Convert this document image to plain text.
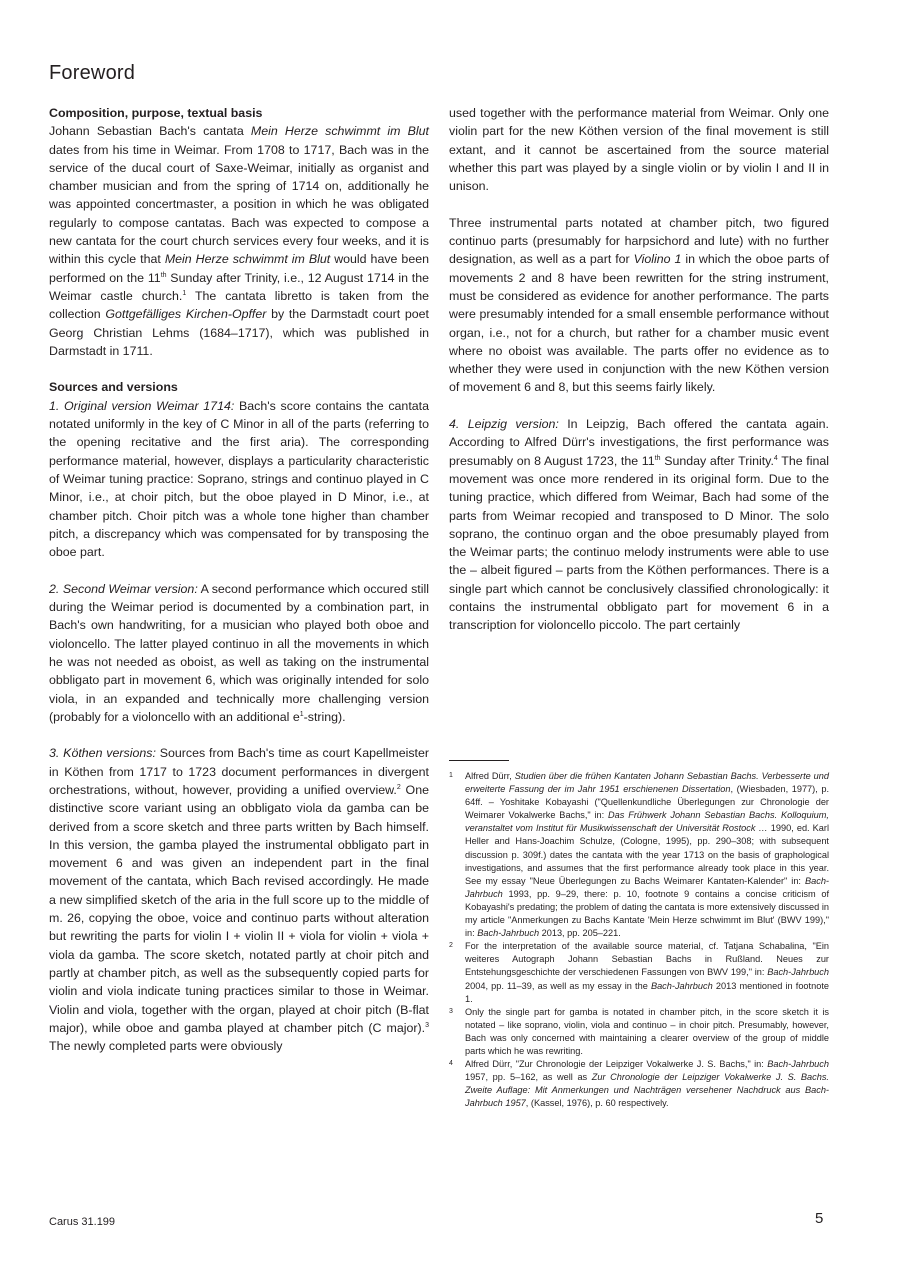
Foreword
Composition, purpose, textual basis

Johann Sebastian Bach's cantata Mein Herze schwimmt im Blut dates from his time in Weimar. From 1708 to 1717, Bach was in the service of the ducal court of Saxe-Weimar, initially as organist and chamber musician and from the spring of 1714 on, additionally he was appointed concertmaster, a position in which he was obligated regularly to compose cantatas. Bach was expected to compose a new cantata for the court church services every four weeks, and it is within this cycle that Mein Herze schwimmt im Blut would have been performed on the 11th Sunday after Trinity, i.e., 12 August 1714 in the Weimar castle church.$^1$ The cantata libretto is taken from the collection Gottgefälliges Kirchen-Opffer by the Darmstadt court poet Georg Christian Lehms (1684–1717), which was published in Darmstadt in 1711.

Sources and versions

1. Original version Weimar 1714: Bach's score contains the cantata notated uniformly in the key of C Minor in all of the parts (referring to the opening recitative and the first aria). The corresponding performance material, however, displays a particularity characteristic of Weimar tuning practice: Soprano, strings and continuo played in C Minor, i.e., at choir pitch, but the oboe played in D Minor, i.e., at chamber pitch. Choir pitch was a whole tone higher than chamber pitch, a discrepancy which was compensated for by transposing the oboe part.

2. Second Weimar version: A second performance which occured still during the Weimar period is documented by a combination part, in Bach's own handwriting, for a musician who played both oboe and violoncello. The latter played continuo in all the movements in which he was not needed as oboist, as well as taking on the instrumental obbligato part in movement 6, which was originally intended for solo viola, in an expanded and technically more challenging version (probably for a violoncello with an additional $e^1-string$).

3. Köthen versions: Sources from Bach's time as court Kapellmeister in Köthen from 1717 to 1723 document performances in divergent orchestrations, without, however, providing a unified overview.$^2$ One distinctive score variant using an obbligato viola da gamba can be derived from a score sketch and three parts written by Bach himself. In this version, the gamba played the instrumental obbligato part in movement 6 and was given an independent part in the final movement of the cantata, which Bach revised accordingly. He made a new simplified sketch of the aria in the full score up to the middle of m. 26, copying the oboe, voice and continuo parts without alteration but rewriting the parts for violin I + violin II + viola for violin + viola + viola da gamba. The score sketch, notated partly at choir pitch and partly at chamber pitch, as well as the subsequently copied parts for violin and viola indicate tuning practices similar to those in Weimar. Violin and viola, together with the organ, played at choir pitch (B-flat major), while oboe and gamba played at chamber pitch (C major).$^3$ The newly completed parts were obviously

used together with the performance material from Weimar. Only one violin part for the new Köthen version of the final movement is still extant, and it cannot be ascertained from the source material whether this part was played by a single violin or by violin I and II in unison.

Three instrumental parts notated at chamber pitch, two figured continuo parts (presumably for harpsichord and lute) with no further designation, as well as a part for Violino 1 in which the oboe parts of movements 2 and 8 have been rewritten for the string instrument, must be considered as evidence for another performance. The parts were presumably intended for a small ensemble performance without organ, i.e., not for a church, but rather for a chamber music event where no oboist was available. The parts offer no evidence as to whether they were used in conjunction with the new Köthen version of movement 6 and 8, but this seems fairly likely.

4. Leipzig version: In Leipzig, Bach offered the cantata again. According to Alfred Dürr's investigations, the first performance was presumably on 8 August 1723, the 11th Sunday after Trinity.$^4$ The final movement was once more rendered in its original form. Due to the tuning practice, which differed from Weimar, Bach had some of the parts from Weimar recopied and transposed to D Minor. The solo soprano, the continuo organ and the oboe presumably played from the Weimar parts; the continuo melody instruments were able to use the – albeit figured – parts from the Köthen performances. There is a single part which cannot be conclusively classified chronologically: it contains the instrumental obbligato part for movement 6 in a transcription for violoncello piccolo. The part certainly

1 Alfred Dürr, Studien über die frühen Kantaten Johann Sebastian Bachs. Verbesserte und erweiterte Fassung der im Jahr 1951 erschienenen Dissertation, (Wiesbaden, 1977), p. 64ff. – Yoshitake Kobayashi ("Quellenkundliche Überlegungen zur Chronologie der Weimarer Vokalwerke Bachs," in: Das Frühwerk Johann Sebastian Bachs. Kolloquium, veranstaltet vom Institut für Musikwissenschaft der Universität Rostock … 1990, ed. Karl Heller and Hans-Joachim Schulze, (Cologne, 1995), pp. 290–308; with subsequent discussion p. 309f.) dates the cantata with the year 1713 on the basis of graphological investigations, and assumes that the first performance already took place in this year. See my essay "Neue Überlegungen zu Bachs Weimarer Kantaten-Kalender" in: Bach-Jahrbuch 1993, pp. 9–29, there: p. 10, footnote 9 contains a concise criticism of Kobayashi's predating; the problem of dating the cantata is more extensively discussed in my article "Anmerkungen zu Bachs Kantate 'Mein Herze schwimmt im Blut' (BWV 199)," in: Bach-Jahrbuch 2013, pp. 205–221.

2 For the interpretation of the available source material, cf. Tatjana Schabalina, "Ein weiteres Autograph Johann Sebastian Bachs in Rußland. Neues zur Entstehungsgeschichte der verschiedenen Fassungen von BWV 199," in: Bach-Jahrbuch 2004, pp. 11–39, as well as my essay in the Bach-Jahrbuch 2013 mentioned in footnote 1.

3 Only the single part for gamba is notated in chamber pitch, in the score sketch it is notated – like soprano, violin, viola and continuo – in choir pitch. Presumably, however, Bach was only concerned with maintaining a clearer overview of the group of middle parts which he was rewriting.

4 Alfred Dürr, "Zur Chronologie der Leipziger Vokalwerke J. S. Bachs," in: Bach-Jahrbuch 1957, pp. 5–162, as well as Zur Chronologie der Leipziger Vokalwerke J. S. Bachs. Zweite Auflage: Mit Anmerkungen und Nachträgen versehener Nachdruck aus Bach-Jahrbuch 1957, (Kassel, 1976), p. 60 respectively.

Carus 31.199	5
